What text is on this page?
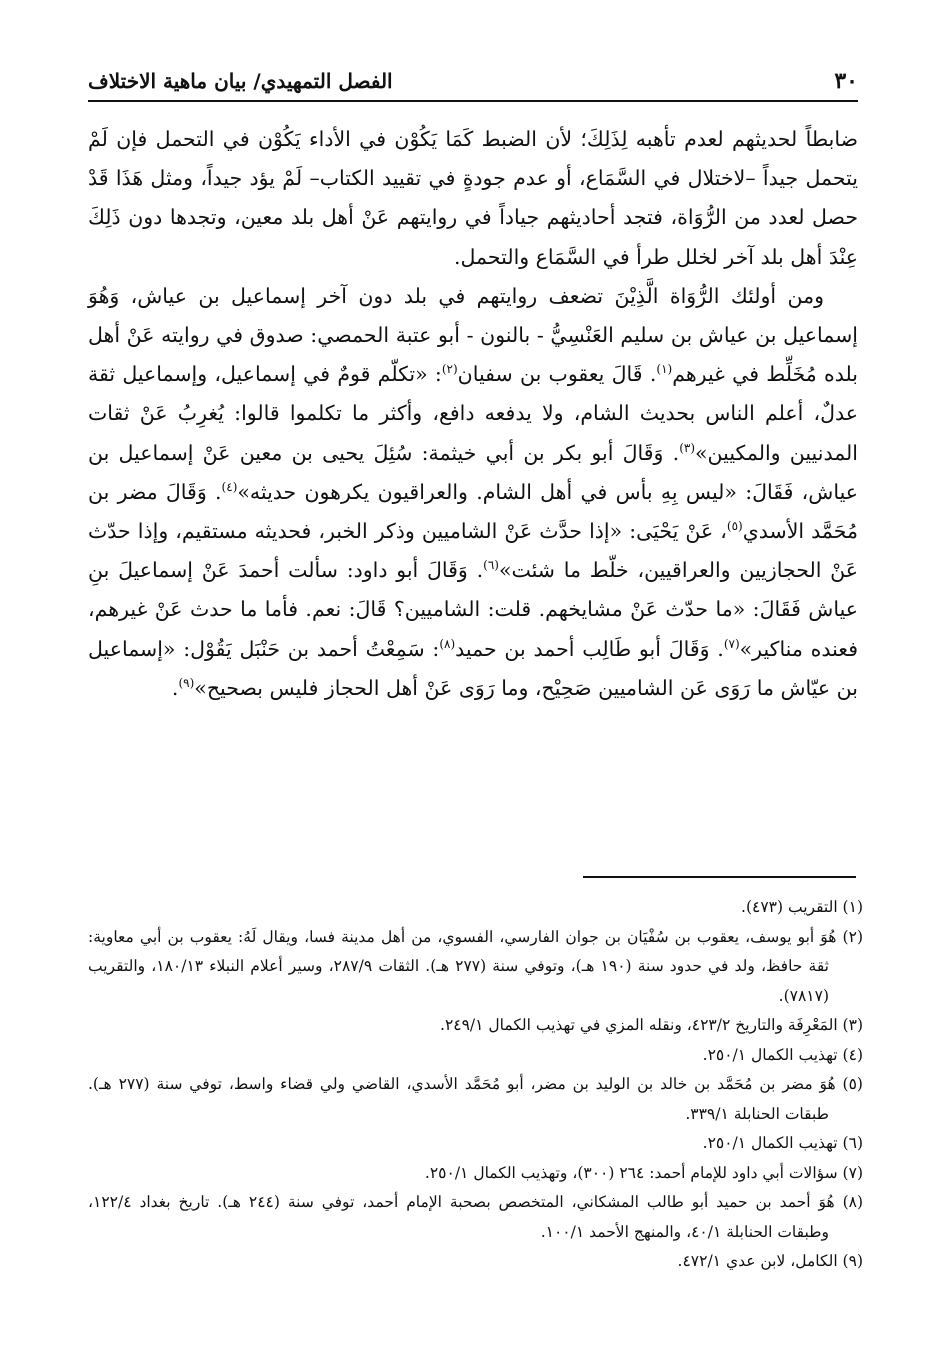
٣٠
الفصل التمهيدي/ بيان ماهية الاختلاف

ضابطاً لحديثهم لعدم تأهبه لِذَلِكَ؛ لأن الضبط كَمَا يَكُوْن في الأداء يَكُوْن في التحمل فإن لَمْ يتحمل جيداً –لاختلال في السَّمَاع، أو عدم جودةٍ في تقييد الكتاب– لَمْ يؤد جيداً، ومثل هَذَا قَدْ حصل لعدد من الرُّوَاة، فتجد أحاديثهم جياداً في روايتهم عَنْ أهل بلد معين، وتجدها دون ذَلِكَ عِنْدَ أهل بلد آخر لخلل طرأ في السَّمَاع والتحمل.

ومن أولئك الرُّوَاة الَّذِيْنَ تضعف روايتهم في بلد دون آخر إسماعيل بن عياش، وَهُوَ إسماعيل بن عياش بن سليم العَنْسِيُّ - بالنون - أبو عتبة الحمصي: صدوق في روايته عَنْ أهل بلده مُخَلِّط في غيرهم$^{(١)}$. قَالَ يعقوب بن سفيان$^{(٢)}$: «تكلّم قومٌ في إسماعيل، وإسماعيل ثقة عدلٌ، أعلم الناس بحديث الشام، ولا يدفعه دافع، وأكثر ما تكلموا قالوا: يُغرِبُ عَنْ ثقات المدنيين والمكيين»$^{(٣)}$. وَقَالَ أبو بكر بن أبي خيثمة: سُئِلَ يحيى بن معين عَنْ إسماعيل بن عياش، فَقَالَ: «ليس بِهِ بأس في أهل الشام. والعراقيون يكرهون حديثه»$^{(٤)}$. وَقَالَ مضر بن مُحَمَّد الأسدي$^{(٥)}$، عَنْ يَحْيَى: «إذا حدَّث عَنْ الشاميين وذكر الخبر، فحديثه مستقيم، وإذا حدّث عَنْ الحجازيين والعراقيين، خلّط ما شئت»$^{(٦)}$. وَقَالَ أبو داود: سألت أحمدَ عَنْ إسماعيلَ بنِ عياش فَقَالَ: «ما حدّث عَنْ مشايخهم. قلت: الشاميين؟ قَالَ: نعم. فأما ما حدث عَنْ غيرهم، فعنده مناكير»$^{(٧)}$. وَقَالَ أبو طَالِب أحمد بن حميد$^{(٨)}$: سَمِعْتُ أحمد بن حَنْبَل يَقُوْل: «إسماعيل بن عيّاش ما رَوَى عَن الشاميين صَحِيْح، وما رَوَى عَنْ أهل الحجاز فليس بصحيح»$^{(٩)}$.

(١) التقريب (٤٧٣).

(٢) هُوَ أبو يوسف، يعقوب بن سُفْيَان بن جوان الفارسي، الفسوي، من أهل مدينة فسا، ويقال لَهُ: يعقوب بن أبي معاوية: ثقة حافظ، ولد في حدود سنة (١٩٠ هـ)، وتوفي سنة (٢٧٧ هـ). الثقات ٢٨٧/٩، وسير أعلام النبلاء ١٨٠/١٣، والتقريب (٧٨١٧).

(٣) المَعْرِفَة والتاريخ ٤٢٣/٢، ونقله المزي في تهذيب الكمال ٢٤٩/١.

(٤) تهذيب الكمال ٢٥٠/١.

(٥) هُوَ مضر بن مُحَمَّد بن خالد بن الوليد بن مضر، أبو مُحَمَّد الأسدي، القاضي ولي قضاء واسط، توفي سنة (٢٧٧ هـ). طبقات الحنابلة ٣٣٩/١.

(٦) تهذيب الكمال ٢٥٠/١.

(٧) سؤالات أبي داود للإمام أحمد: ٢٦٤ (٣٠٠)، وتهذيب الكمال ٢٥٠/١.

(٨) هُوَ أحمد بن حميد أبو طالب المشكاني، المتخصص بصحبة الإمام أحمد، توفي سنة (٢٤٤ هـ). تاريخ بغداد ١٢٢/٤، وطبقات الحنابلة ٤٠/١، والمنهج الأحمد ١٠٠/١.

(٩) الكامل، لابن عدي ٤٧٢/١.
